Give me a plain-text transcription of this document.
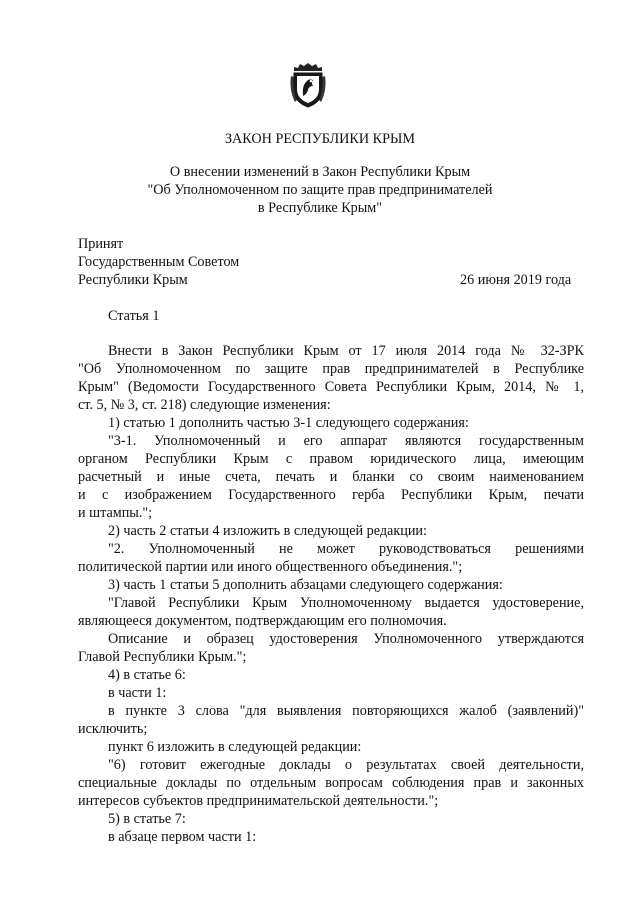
ЗАКОН РЕСПУБЛИКИ КРЫМ
О внесении изменений в Закон Республики Крым
"Об Уполномоченном по защите прав предпринимателей
в Республике Крым"
Принят
Государственным Советом
Республики Крым	26 июня 2019 года
Статья 1
Внести в Закон Республики Крым от 17 июля 2014 года № 32-ЗРК
"Об Уполномоченном по защите прав предпринимателей в Республике
Крым" (Ведомости Государственного Совета Республики Крым, 2014, № 1,
ст. 5, № 3, ст. 218) следующие изменения:
1) статью 1 дополнить частью 3-1 следующего содержания:
"3-1. Уполномоченный и его аппарат являются государственным
органом Республики Крым с правом юридического лица, имеющим
расчетный и иные счета, печать и бланки со своим наименованием
и с изображением Государственного герба Республики Крым, печати
и штампы.";
2) часть 2 статьи 4 изложить в следующей редакции:
"2. Уполномоченный не может руководствоваться решениями
политической партии или иного общественного объединения.";
3) часть 1 статьи 5 дополнить абзацами следующего содержания:
"Главой Республики Крым Уполномоченному выдается удостоверение,
являющееся документом, подтверждающим его полномочия.
Описание и образец удостоверения Уполномоченного утверждаются
Главой Республики Крым.";
4) в статье 6:
в части 1:
в пункте 3 слова "для выявления повторяющихся жалоб (заявлений)"
исключить;
пункт 6 изложить в следующей редакции:
"6) готовит ежегодные доклады о результатах своей деятельности,
специальные доклады по отдельным вопросам соблюдения прав и законных
интересов субъектов предпринимательской деятельности.";
5) в статье 7:
в абзаце первом части 1:
